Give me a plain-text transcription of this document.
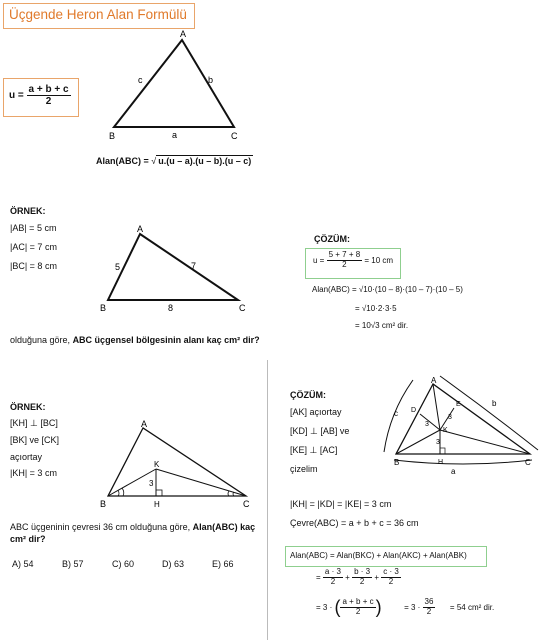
Üçgende Heron Alan Formülü
$u = \frac{a + b + c}{2}$
A
B	C
a
b
c
Alan(ABC) = √ u.(u – a).(u – b).(u – c)
ÖRNEK:
|AB| = 5 cm
|AC| = 7 cm
|BC| = 8 cm
A
B	C
5	7
8
olduğuna göre, ABC üçgensel bölgesinin alanı kaç cm² dir?
ÇÖZÜM:
$u = \frac{5 + 7 + 8}{2} = 10$ cm
Alan(ABC) = √10·(10 – 8)·(10 – 7)·(10 – 5)
= √10·2·3·5
= 10√3 cm² dir.
ÖRNEK:
[KH] ⊥ [BC]
[BK] ve [CK]
açıortay
|KH| = 3 cm
A
B	C
K
H
3
ABC üçgeninin çevresi 36 cm olduğuna göre, Alan(ABC) kaç cm² dir?
A) 54	B) 57	C) 60	D) 63	E) 66
ÇÖZÜM:
[AK] açıortay
[KD] ⊥ [AB] ve
[KE] ⊥ [AC]
çizelim
A
B	C
K
H
D
E
a
b
c
3
3
3
|KH| = |KD| = |KE| = 3 cm
Çevre(ABC) = a + b + c = 36 cm
Alan(ABC) = Alan(BKC) + Alan(AKC) + Alan(ABK)
= $\frac{a \cdot 3}{2} + \frac{b \cdot 3}{2} + \frac{c \cdot 3}{2}$
= 3 · ( $\frac{a + b + c}{2}$ )	= $3 \cdot \frac{36}{2} = 54$ cm² dir.
